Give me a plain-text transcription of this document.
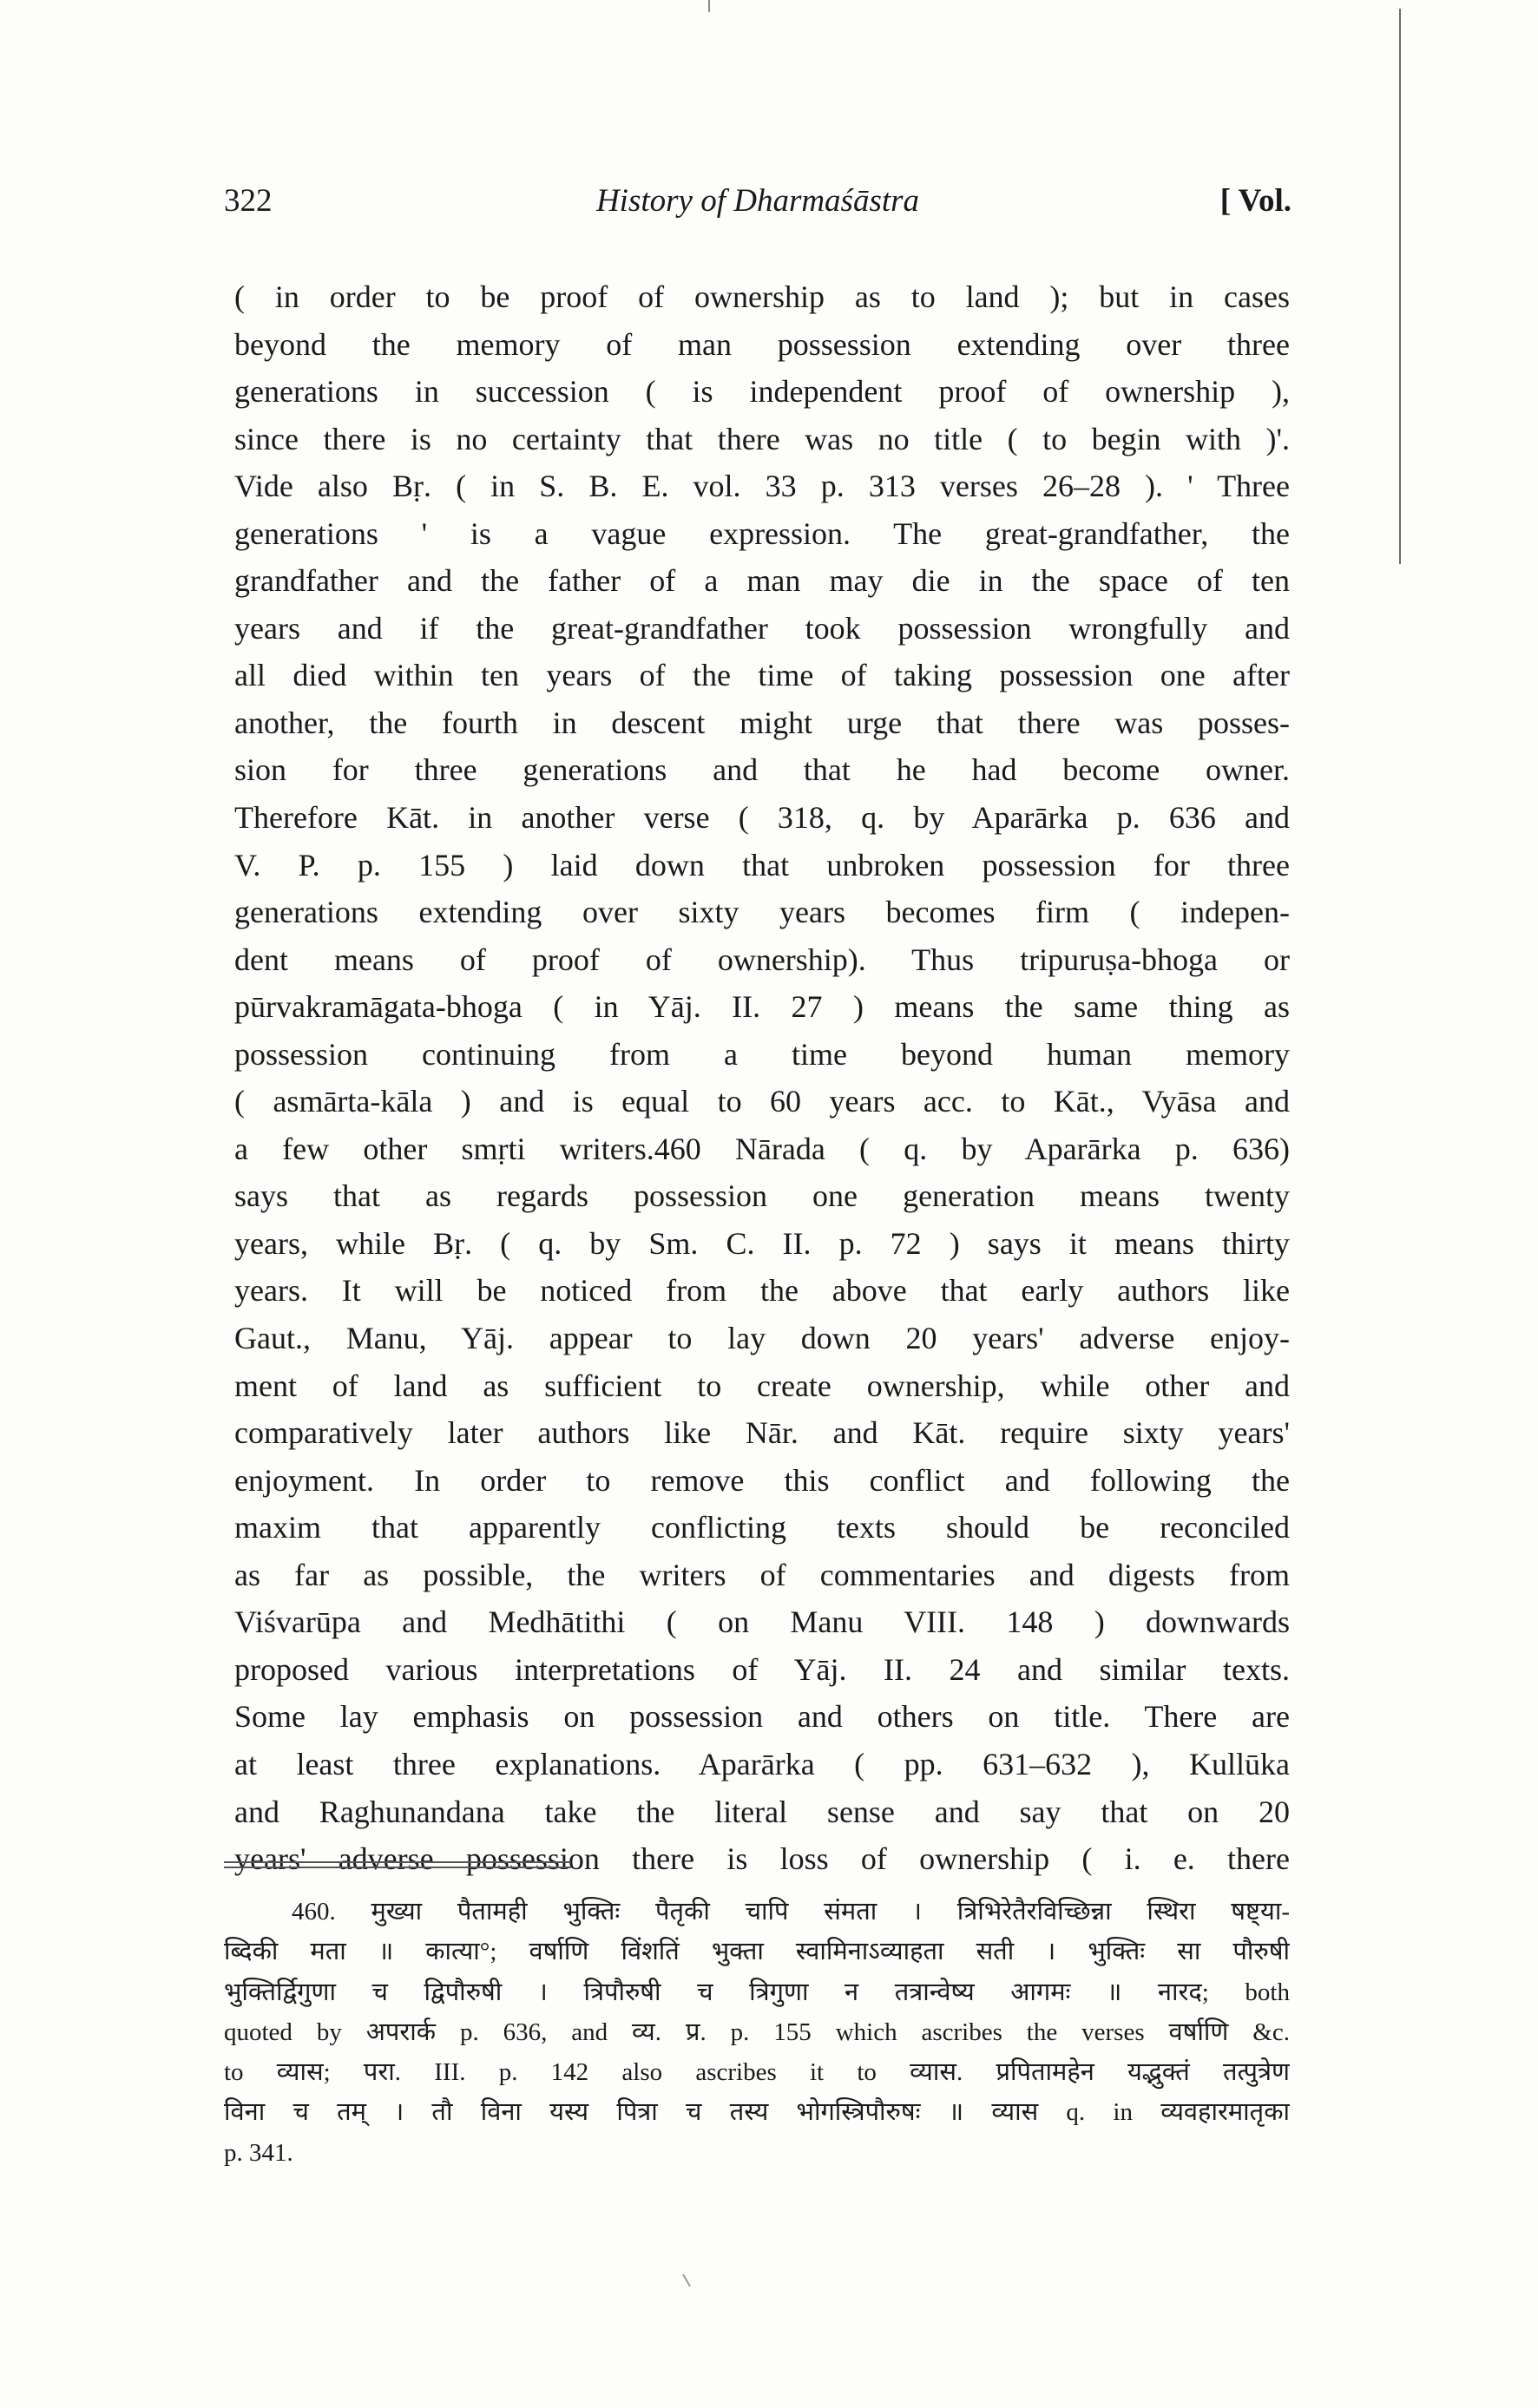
322	History of Dharmaśāstra	[ Vol.
( in order to be proof of ownership as to land ); but in cases
beyond the memory of man possession extending over three
generations in succession ( is independent proof of ownership ),
since there is no certainty that there was no title ( to begin with )'.
Vide also Bṛ. ( in S. B. E. vol. 33 p. 313 verses 26–28 ). ' Three
generations ' is a vague expression. The great-grandfather, the
grandfather and the father of a man may die in the space of ten
years and if the great-grandfather took possession wrongfully and
all died within ten years of the time of taking possession one after
another, the fourth in descent might urge that there was posses-
sion for three generations and that he had become owner.
Therefore Kāt. in another verse ( 318, q. by Aparārka p. 636 and
V. P. p. 155 ) laid down that unbroken possession for three
generations extending over sixty years becomes firm ( indepen-
dent means of proof of ownership). Thus tripuruṣa-bhoga or
pūrvakramāgata-bhoga ( in Yāj. II. 27 ) means the same thing as
possession continuing from a time beyond human memory
( asmārta-kāla ) and is equal to 60 years acc. to Kāt., Vyāsa and
a few other smṛti writers.460 Nārada ( q. by Aparārka p. 636)
says that as regards possession one generation means twenty
years, while Bṛ. ( q. by Sm. C. II. p. 72 ) says it means thirty
years. It will be noticed from the above that early authors like
Gaut., Manu, Yāj. appear to lay down 20 years' adverse enjoy-
ment of land as sufficient to create ownership, while other and
comparatively later authors like Nār. and Kāt. require sixty years'
enjoyment. In order to remove this conflict and following the
maxim that apparently conflicting texts should be reconciled
as far as possible, the writers of commentaries and digests from
Viśvarūpa and Medhātithi ( on Manu VIII. 148 ) downwards
proposed various interpretations of Yāj. II. 24 and similar texts.
Some lay emphasis on possession and others on title. There are
at least three explanations. Aparārka ( pp. 631–632 ), Kullūka
and Raghunandana take the literal sense and say that on 20
years' adverse possession there is loss of ownership ( i. e. there
460. मुख्या पैतामही भुक्तिः पैतृकी चापि संमता । त्रिभिरेतैरविच्छिन्ना स्थिरा षष्ट्या-
ब्दिकी मता ॥ कात्या°; वर्षाणि विंशतिं भुक्ता स्वामिनाऽव्याहता सती । भुक्तिः सा पौरुषी
भुक्तिर्द्विगुणा च द्विपौरुषी । त्रिपौरुषी च त्रिगुणा न तत्रान्वेष्य आगमः ॥ नारद; both
quoted by अपरार्क p. 636, and व्य. प्र. p. 155 which ascribes the verses वर्षाणि &c.
to व्यास; परा. III. p. 142 also ascribes it to व्यास. प्रपितामहेन यद्भुक्तं तत्पुत्रेण
विना च तम् । तौ विना यस्य पित्रा च तस्य भोगस्त्रिपौरुषः ॥ व्यास q. in व्यवहारमातृका
p. 341.
